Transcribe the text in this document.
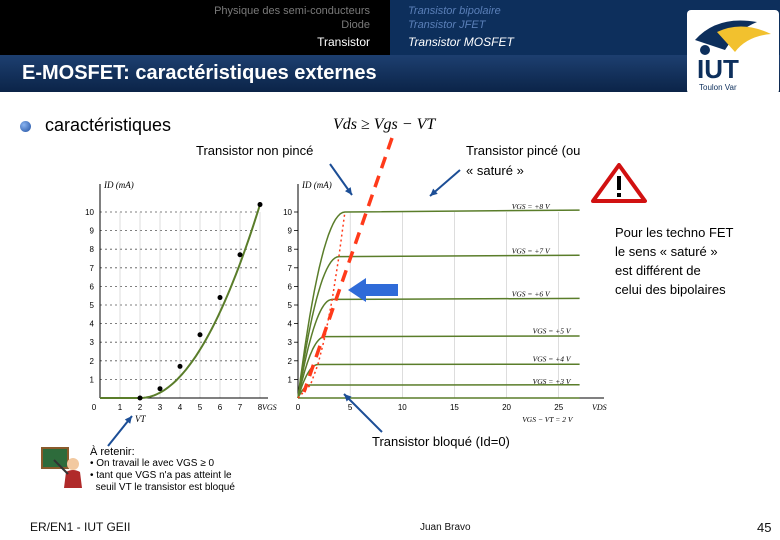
Physique des semi-conducteurs
Diode
Transistor
Transistor bipolaire
Transistor JFET
Transistor MOSFET
E-MOSFET: caractéristiques externes	IUT
Toulon Var
caractéristiques	Vds ≥ Vgs − VT
Transistor non pincé	Transistor pincé (ou
« saturé »
Transistor bloqué (Id=0)
Pour les techno FET
le sens « saturé »
est différent de
celui des bipolaires
1
2
3
4
5
6
7
8
9
10
0	1 2 3 4 5 6 7 8
ID (mA)
VGS
VT
1
2
3
4
5
6
7
8
9
10
0	5	10	15	20	25
ID (mA)
VDS
VGS = +8 V
VGS = +7 V
VGS = +6 V
VGS = +5 V
VGS = +4 V
VGS = +3 V
VGS − VT = 2 V
À retenir:
• On travail le avec VGS ≥ 0
• tant que VGS n'a pas atteint le
seuil VT le transistor est bloqué
ER/EN1 - IUT GEII	Juan Bravo	45
